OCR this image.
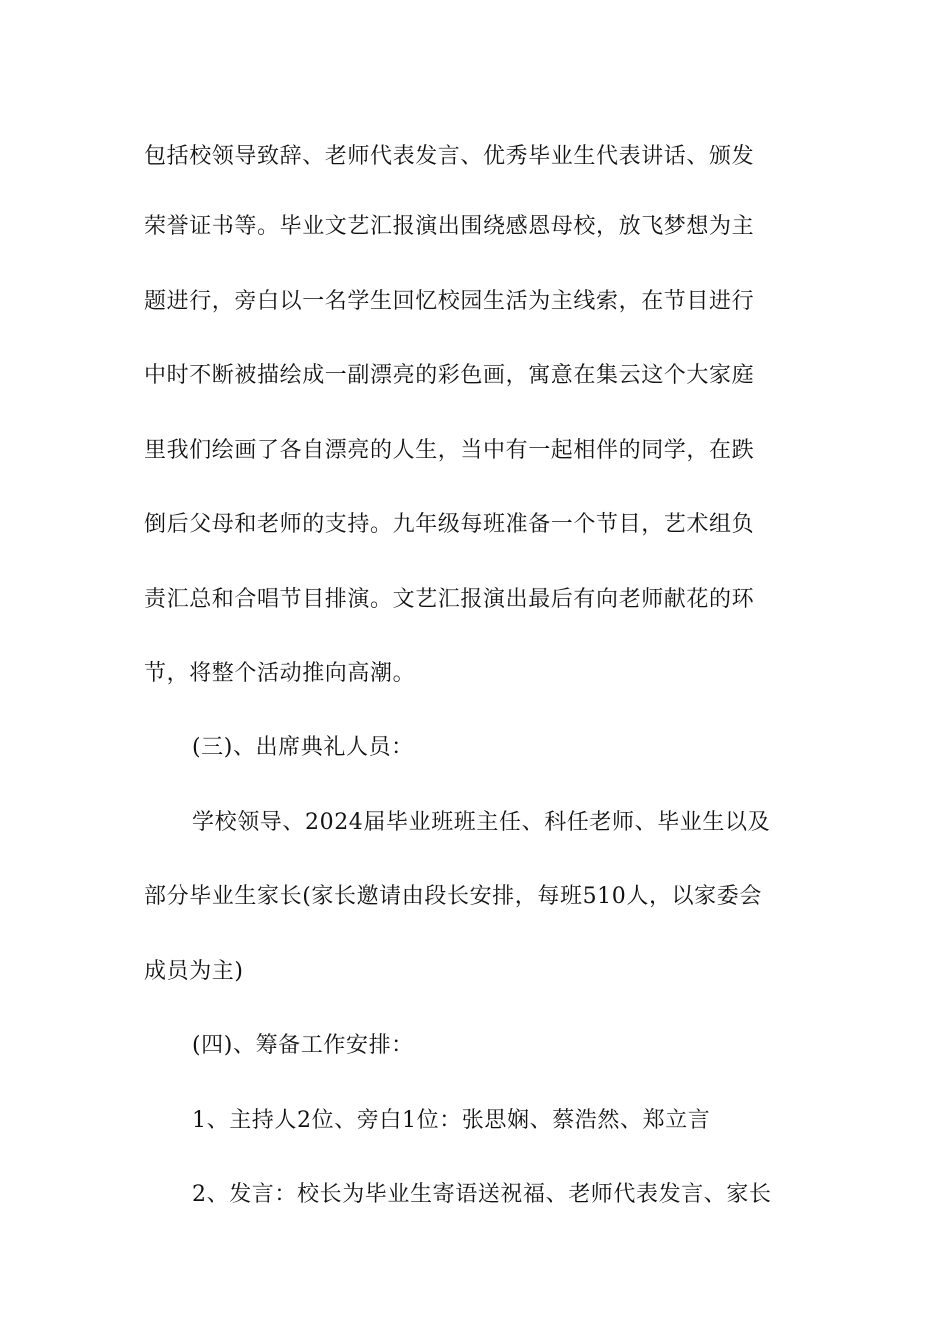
包括校领导致辞、老师代表发言、优秀毕业生代表讲话、颁发
荣誉证书等。毕业文艺汇报演出围绕感恩母校，放飞梦想为主
题进行，旁白以一名学生回忆校园生活为主线索，在节目进行
中时不断被描绘成一副漂亮的彩色画，寓意在集云这个大家庭
里我们绘画了各自漂亮的人生，当中有一起相伴的同学，在跌
倒后父母和老师的支持。九年级每班准备一个节目，艺术组负
责汇总和合唱节目排演。文艺汇报演出最后有向老师献花的环
节，将整个活动推向高潮。
(三)、出席典礼人员：
学校领导、2024届毕业班班主任、科任老师、毕业生以及
部分毕业生家长(家长邀请由段长安排，每班510人，以家委会
成员为主)
(四)、筹备工作安排：
1、主持人2位、旁白1位：张思娴、蔡浩然、郑立言
2、发言：校长为毕业生寄语送祝福、老师代表发言、家长
